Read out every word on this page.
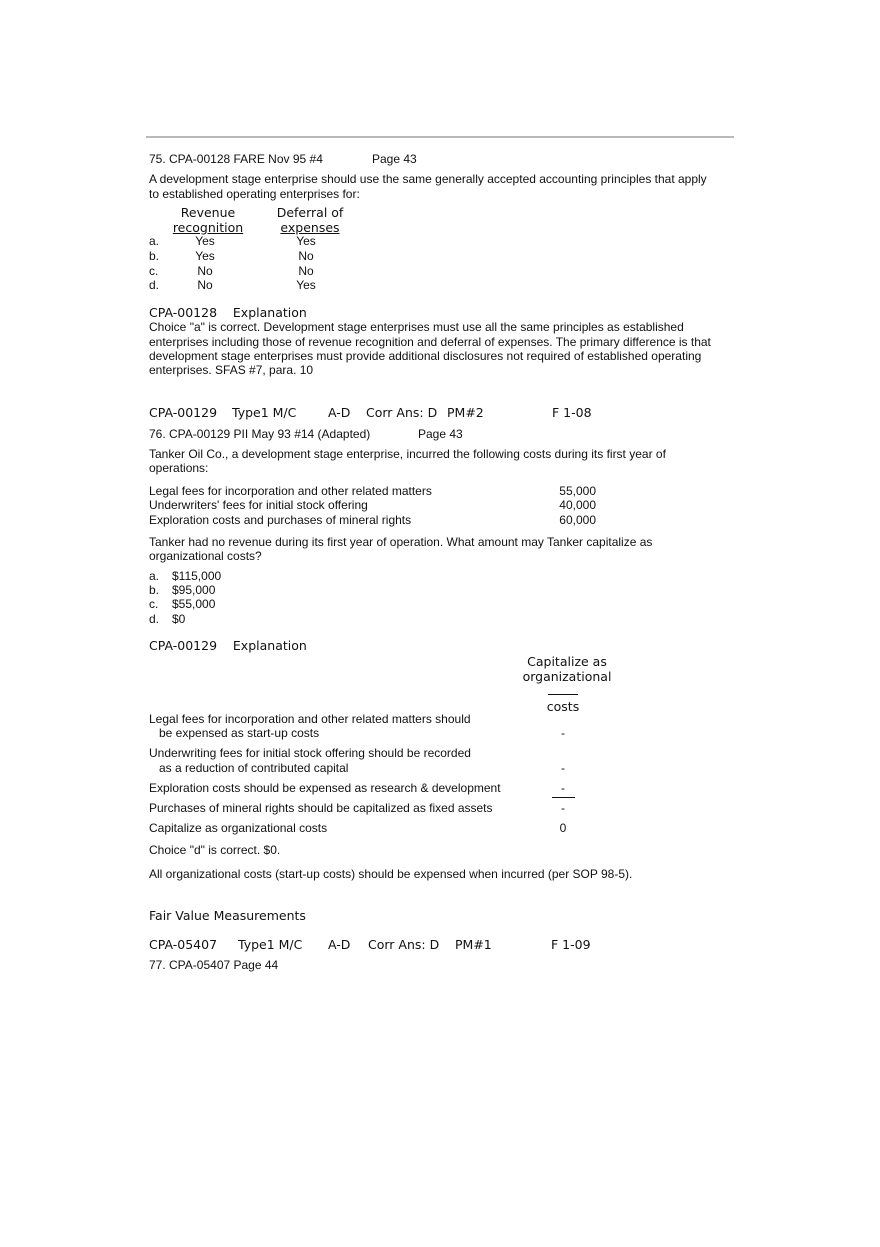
75. CPA-00128 FARE Nov 95 #4	Page 43
A development stage enterprise should use the same generally accepted accounting principles that apply
to established operating enterprises for:
Revenue
recognition
Deferral of
expenses
a.	Yes	Yes
b.	Yes	No
c.	No	No
d.	No	Yes
CPA-00128    Explanation
Choice "a" is correct. Development stage enterprises must use all the same principles as established
enterprises including those of revenue recognition and deferral of expenses. The primary difference is that
development stage enterprises must provide additional disclosures not required of established operating
enterprises. SFAS #7, para. 10
CPA-00129 Type1 M/C	A-D Corr Ans: D PM#2	F 1-08
76. CPA-00129 PII May 93 #14 (Adapted)	Page 43
Tanker Oil Co., a development stage enterprise, incurred the following costs during its first year of
operations:
Legal fees for incorporation and other related matters	55,000
Underwriters' fees for initial stock offering	40,000
Exploration costs and purchases of mineral rights	60,000
Tanker had no revenue during its first year of operation. What amount may Tanker capitalize as
organizational costs?
a. $115,000
b. $95,000
c. $55,000
d. $0
CPA-00129    Explanation
Capitalize as
organizational
costs
Legal fees for incorporation and other related matters should
be expensed as start-up costs	-
Underwriting fees for initial stock offering should be recorded
as a reduction of contributed capital	-
Exploration costs should be expensed as research & development	-
Purchases of mineral rights should be capitalized as fixed assets	-
Capitalize as organizational costs	0
Choice "d" is correct. $0.
All organizational costs (start-up costs) should be expensed when incurred (per SOP 98-5).
Fair Value Measurements
CPA-05407 Type1 M/C A-D Corr Ans: D PM#1	F 1-09
77. CPA-05407 Page 44
